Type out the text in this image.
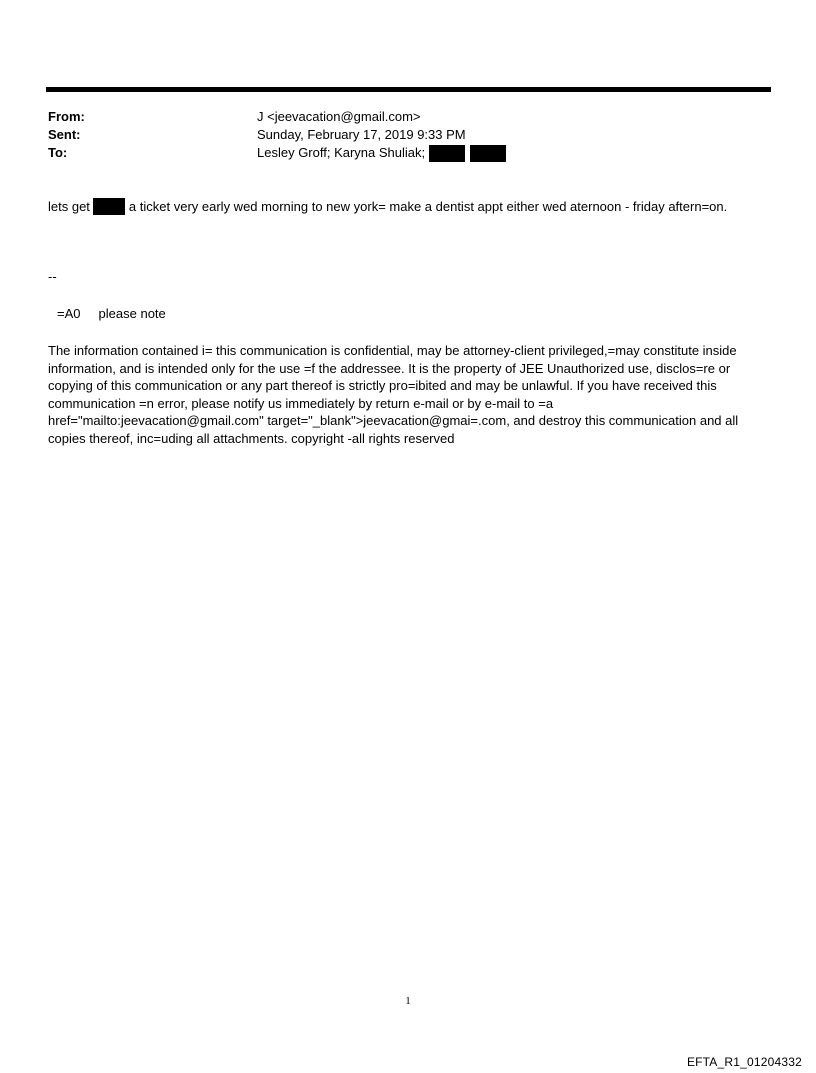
From:	J <jeevacation@gmail.com>
Sent:	Sunday, February 17, 2019 9:33 PM
To:	Lesley Groff; Karyna Shuliak;
lets get	a ticket very early wed morning to new york= make a dentist appt either wed aternoon - friday aftern=on.
--
=A0     please note
The information contained i= this communication is confidential, may be attorney-client privileged,=may constitute inside information, and is intended only for the use =f the addressee. It is the property of JEE Unauthorized use, disclos=re or copying of this communication or any part thereof is strictly pro=ibited and may be unlawful. If you have received this communication =n error, please notify us immediately by return e-mail or by e-mail to =a href="mailto:jeevacation@gmail.com" target="_blank">jeevacation@gmai=.com, and destroy this communication and all copies thereof, inc=uding all attachments. copyright -all rights reserved
1
EFTA_R1_01204332
